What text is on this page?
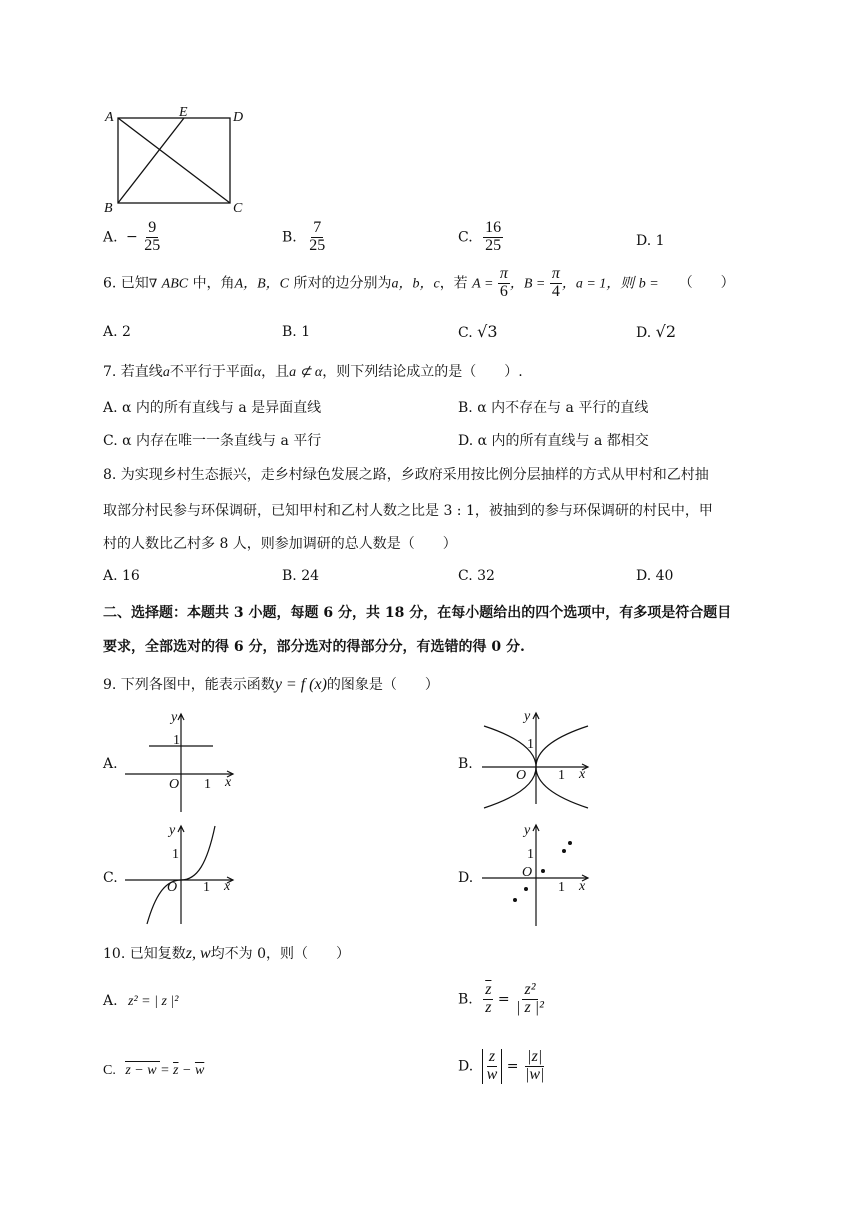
A	E	D
B	C
A. − $\frac{9}{25}$	B. $\frac{7}{25}$	C. $\frac{16}{25}$	D. 1
6. 已知∇ ABC 中，角A，B，C 所对的边分别为a，b，c，若 $A = \frac{\pi}{6}$ ，$B = \frac{\pi}{4}$ ，a = 1，则 b = （　　）
A. 2	B. 1	C. √3	D. √2
7. 若直线a不平行于平面α，且a ⊄ α，则下列结论成立的是（　　）.
A. α 内的所有直线与 a 是异面直线	B. α 内不存在与 a 平行的直线
C. α 内存在唯一一条直线与 a 平行	D. α 内的所有直线与 a 都相交
8. 为实现乡村生态振兴，走乡村绿色发展之路，乡政府采用按比例分层抽样的方式从甲村和乙村抽
取部分村民参与环保调研，已知甲村和乙村人数之比是 3 : 1，被抽到的参与环保调研的村民中，甲
村的人数比乙村多 8 人，则参加调研的总人数是（　　）
A. 16	B. 24	C. 32	D. 40
二、选择题：本题共 3 小题，每题 6 分，共 18 分，在每小题给出的四个选项中，有多项是符合题目
要求，全部选对的得 6 分，部分选对的得部分分，有选错的得 0 分.
9. 下列各图中，能表示函数y = f (x)的图象是（　　）
A.
y
1
O 1 x
B.
y
1
O 1 x
C.
y
1
O 1 x
D.
y
1
O
1 x
10. 已知复数z, w均不为 0，则（　　）
A. z² = | z |²	B. $\frac{\overline{z}}{z} = \frac{\text{z²}}{\text{| z |²}}$
C. $z - w = \overline{z} - \overline{w}$	D. $\frac{z}{w} = \frac{|z|}{|w|}$
